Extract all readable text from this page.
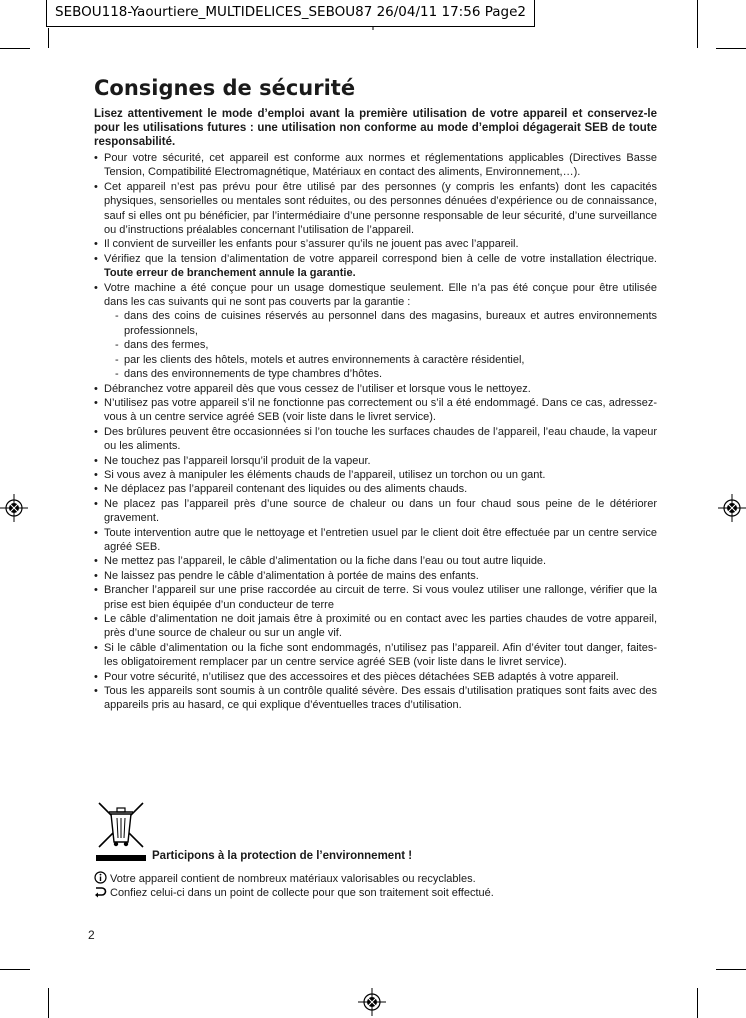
SEBOU118-Yaourtiere_MULTIDELICES_SEBOU87 26/04/11 17:56 Page2
Consignes de sécurité

Lisez attentivement le mode d’emploi avant la première utilisation de votre appareil et conservez-le pour les utilisations futures : une utilisation non conforme au mode d’emploi dégagerait SEB de toute responsabilité.

• Pour votre sécurité, cet appareil est conforme aux normes et réglementations applicables (Directives Basse Tension, Compatibilité Electromagnétique, Matériaux en contact des aliments, Environnement,…).
• Cet appareil n’est pas prévu pour être utilisé par des personnes (y compris les enfants) dont les capacités physiques, sensorielles ou mentales sont réduites, ou des personnes dénuées d’expérience ou de connaissance, sauf si elles ont pu bénéficier, par l’intermédiaire d’une personne responsable de leur sécurité, d’une surveillance ou d’instructions préalables concernant l’utilisation de l’appareil.
• Il convient de surveiller les enfants pour s’assurer qu’ils ne jouent pas avec l’appareil.
• Vérifiez que la tension d’alimentation de votre appareil correspond bien à celle de votre installation électrique. Toute erreur de branchement annule la garantie.
• Votre machine a été conçue pour un usage domestique seulement. Elle n’a pas été conçue pour être utilisée dans les cas suivants qui ne sont pas couverts par la garantie :
- dans des coins de cuisines réservés au personnel dans des magasins, bureaux et autres environnements professionnels,
- dans des fermes,
- par les clients des hôtels, motels et autres environnements à caractère résidentiel,
- dans des environnements de type chambres d’hôtes.
• Débranchez votre appareil dès que vous cessez de l’utiliser et lorsque vous le nettoyez.
• N’utilisez pas votre appareil s’il ne fonctionne pas correctement ou s’il a été endommagé. Dans ce cas, adressez-vous à un centre service agréé SEB (voir liste dans le livret service).
• Des brûlures peuvent être occasionnées si l’on touche les surfaces chaudes de l’appareil, l’eau chaude, la vapeur ou les aliments.
• Ne touchez pas l’appareil lorsqu’il produit de la vapeur.
• Si vous avez à manipuler les éléments chauds de l’appareil, utilisez un torchon ou un gant.
• Ne déplacez pas l’appareil contenant des liquides ou des aliments chauds.
• Ne placez pas l’appareil près d’une source de chaleur ou dans un four chaud sous peine de le détériorer gravement.
• Toute intervention autre que le nettoyage et l’entretien usuel par le client doit être effectuée par un centre service agréé SEB.
• Ne mettez pas l’appareil, le câble d’alimentation ou la fiche dans l’eau ou tout autre liquide.
• Ne laissez pas pendre le câble d’alimentation à portée de mains des enfants.
• Brancher l’appareil sur une prise raccordée au circuit de terre. Si vous voulez utiliser une rallonge, vérifier que la prise est bien équipée d’un conducteur de terre
• Le câble d’alimentation ne doit jamais être à proximité ou en contact avec les parties chaudes de votre appareil, près d’une source de chaleur ou sur un angle vif.
• Si le câble d’alimentation ou la fiche sont endommagés, n’utilisez pas l’appareil. Afin d’éviter tout danger, faites-les obligatoirement remplacer par un centre service agréé SEB (voir liste dans le livret service).
• Pour votre sécurité, n’utilisez que des accessoires et des pièces détachées SEB adaptés à votre appareil.
• Tous les appareils sont soumis à un contrôle qualité sévère. Des essais d’utilisation pratiques sont faits avec des appareils pris au hasard, ce qui explique d’éventuelles traces d’utilisation.
Participons à la protection de l’environnement !
Votre appareil contient de nombreux matériaux valorisables ou recyclables.
Confiez celui-ci dans un point de collecte pour que son traitement soit effectué.
2
